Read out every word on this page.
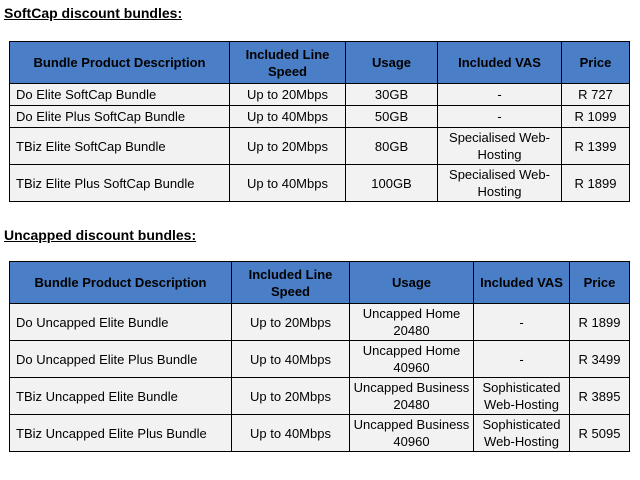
SoftCap discount bundles:
Bundle Product Description	Included Line Speed	Usage	Included VAS	Price
Do Elite SoftCap Bundle	Up to 20Mbps	30GB	-	R 727
Do Elite Plus SoftCap Bundle	Up to 40Mbps	50GB	-	R 1099
TBiz Elite SoftCap Bundle	Up to 20Mbps	80GB	Specialised Web-Hosting	R 1399
TBiz Elite Plus SoftCap Bundle	Up to 40Mbps	100GB	Specialised Web-Hosting	R 1899
Uncapped discount bundles:
Bundle Product Description	Included Line Speed	Usage	Included VAS	Price
Do Uncapped Elite Bundle	Up to 20Mbps	Uncapped Home 20480	-	R 1899
Do Uncapped Elite Plus Bundle	Up to 40Mbps	Uncapped Home 40960	-	R 3499
TBiz Uncapped Elite Bundle	Up to 20Mbps	Uncapped Business 20480	Sophisticated Web-Hosting	R 3895
TBiz Uncapped Elite Plus Bundle	Up to 40Mbps	Uncapped Business 40960	Sophisticated Web-Hosting	R 5095
